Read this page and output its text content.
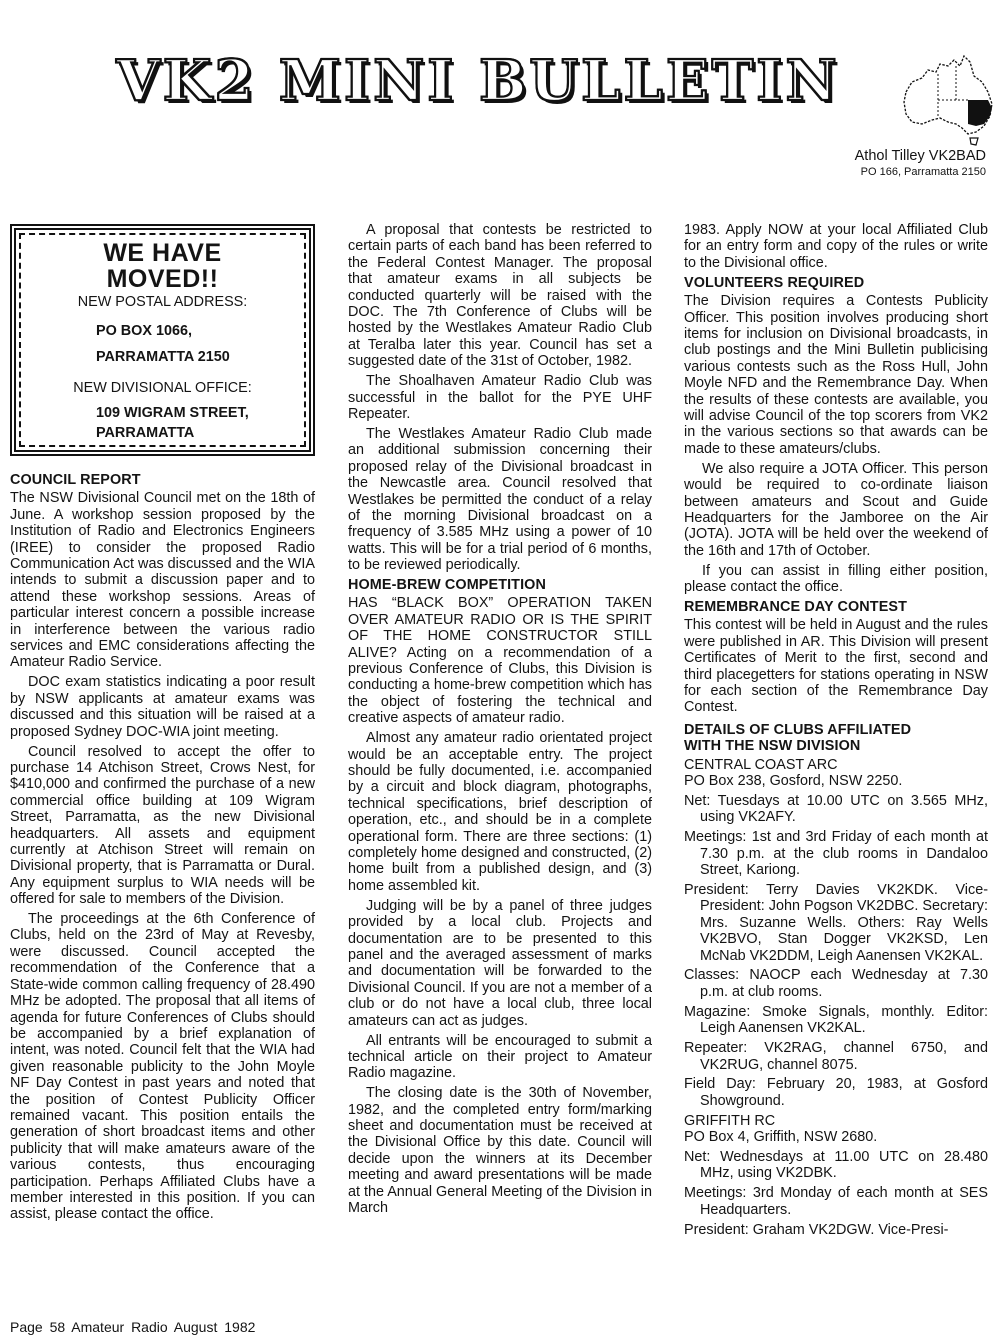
VK2 MINI BULLETIN
Athol Tilley VK2BAD
PO 166, Parramatta 2150
WE HAVE
MOVED!!
NEW POSTAL ADDRESS:
PO BOX 1066,
PARRAMATTA 2150
NEW DIVISIONAL OFFICE:
109 WIGRAM STREET,
PARRAMATTA
COUNCIL REPORT

The NSW Divisional Council met on the 18th of June. A workshop session proposed by the Institution of Radio and Electronics Engineers (IREE) to consider the proposed Radio Communication Act was discussed and the WIA intends to submit a discussion paper and to attend these workshop sessions. Areas of particular interest concern a possible increase in interference between the various radio services and EMC considerations affecting the Amateur Radio Service.

DOC exam statistics indicating a poor result by NSW applicants at amateur exams was discussed and this situation will be raised at a proposed Sydney DOC-WIA joint meeting.

Council resolved to accept the offer to purchase 14 Atchison Street, Crows Nest, for $410,000 and confirmed the purchase of a new commercial office building at 109 Wigram Street, Parramatta, as the new Divisional headquarters. All assets and equipment currently at Atchison Street will remain on Divisional property, that is Parramatta or Dural. Any equipment surplus to WIA needs will be offered for sale to members of the Division.

The proceedings at the 6th Conference of Clubs, held on the 23rd of May at Revesby, were discussed. Council accepted the recommendation of the Conference that a State-wide common calling frequency of 28.490 MHz be adopted. The proposal that all items of agenda for future Conferences of Clubs should be accompanied by a brief explanation of intent, was noted. Council felt that the WIA had given reasonable publicity to the John Moyle NF Day Contest in past years and noted that the position of Contest Publicity Officer remained vacant. This position entails the generation of short broadcast items and other publicity that will make amateurs aware of the various contests, thus encouraging participation. Perhaps Affiliated Clubs have a member interested in this position. If you can assist, please contact the office.

A proposal that contests be restricted to certain parts of each band has been referred to the Federal Contest Manager. The proposal that amateur exams in all subjects be conducted quarterly will be raised with the DOC. The 7th Conference of Clubs will be hosted by the Westlakes Amateur Radio Club at Teralba later this year. Council has set a suggested date of the 31st of October, 1982.

The Shoalhaven Amateur Radio Club was successful in the ballot for the PYE UHF Repeater.

The Westlakes Amateur Radio Club made an additional submission concerning their proposed relay of the Divisional broadcast in the Newcastle area. Council resolved that Westlakes be permitted the conduct of a relay of the morning Divisional broadcast on a frequency of 3.585 MHz using a power of 10 watts. This will be for a trial period of 6 months, to be reviewed periodically.

HOME-BREW COMPETITION

HAS “BLACK BOX” OPERATION TAKEN OVER AMATEUR RADIO OR IS THE SPIRIT OF THE HOME CONSTRUCTOR STILL ALIVE? Acting on a recommendation of a previous Conference of Clubs, this Division is conducting a home-brew competition which has the object of fostering the technical and creative aspects of amateur radio.

Almost any amateur radio orientated project would be an acceptable entry. The project should be fully documented, i.e. accompanied by a circuit and block diagram, photographs, technical specifications, brief description of operation, etc., and should be in a complete operational form. There are three sections: (1) completely home designed and constructed, (2) home built from a published design, and (3) home assembled kit.

Judging will be by a panel of three judges provided by a local club. Projects and documentation are to be presented to this panel and the averaged assessment of marks and documentation will be forwarded to the Divisional Council. If you are not a member of a club or do not have a local club, three local amateurs can act as judges.

All entrants will be encouraged to submit a technical article on their project to Amateur Radio magazine.

The closing date is the 30th of November, 1982, and the completed entry form/marking sheet and documentation must be received at the Divisional Office by this date. Council will decide upon the winners at its December meeting and award presentations will be made at the Annual General Meeting of the Division in March

1983. Apply NOW at your local Affiliated Club for an entry form and copy of the rules or write to the Divisional office.

VOLUNTEERS REQUIRED

The Division requires a Contests Publicity Officer. This position involves producing short items for inclusion on Divisional broadcasts, in club postings and the Mini Bulletin publicising various contests such as the Ross Hull, John Moyle NFD and the Remembrance Day. When the results of these contests are available, you will advise Council of the top scorers from VK2 in the various sections so that awards can be made to these amateurs/clubs.

We also require a JOTA Officer. This person would be required to co-ordinate liaison between amateurs and Scout and Guide Headquarters for the Jamboree on the Air (JOTA). JOTA will be held over the weekend of the 16th and 17th of October.

If you can assist in filling either position, please contact the office.

REMEMBRANCE DAY CONTEST

This contest will be held in August and the rules were published in AR. This Division will present Certificates of Merit to the first, second and third placegetters for stations operating in NSW for each section of the Remembrance Day Contest.

DETAILS OF CLUBS AFFILIATED
WITH THE NSW DIVISION

CENTRAL COAST ARC

PO Box 238, Gosford, NSW 2250.

Net: Tuesdays at 10.00 UTC on 3.565 MHz, using VK2AFY.

Meetings: 1st and 3rd Friday of each month at 7.30 p.m. at the club rooms in Dandaloo Street, Kariong.

President: Terry Davies VK2KDK. Vice-President: John Pogson VK2DBC. Secretary: Mrs. Suzanne Wells. Others: Ray Wells VK2BVO, Stan Dogger VK2KSD, Len McNab VK2DDM, Leigh Aanensen VK2KAL.

Classes: NAOCP each Wednesday at 7.30 p.m. at club rooms.

Magazine: Smoke Signals, monthly. Editor: Leigh Aanensen VK2KAL.

Repeater: VK2RAG, channel 6750, and VK2RUG, channel 8075.

Field Day: February 20, 1983, at Gosford Showground.

GRIFFITH RC

PO Box 4, Griffith, NSW 2680.

Net: Wednesdays at 11.00 UTC on 28.480 MHz, using VK2DBK.

Meetings: 3rd Monday of each month at SES Headquarters.

President: Graham VK2DGW. Vice-Presi-

Page 58 Amateur Radio August 1982
